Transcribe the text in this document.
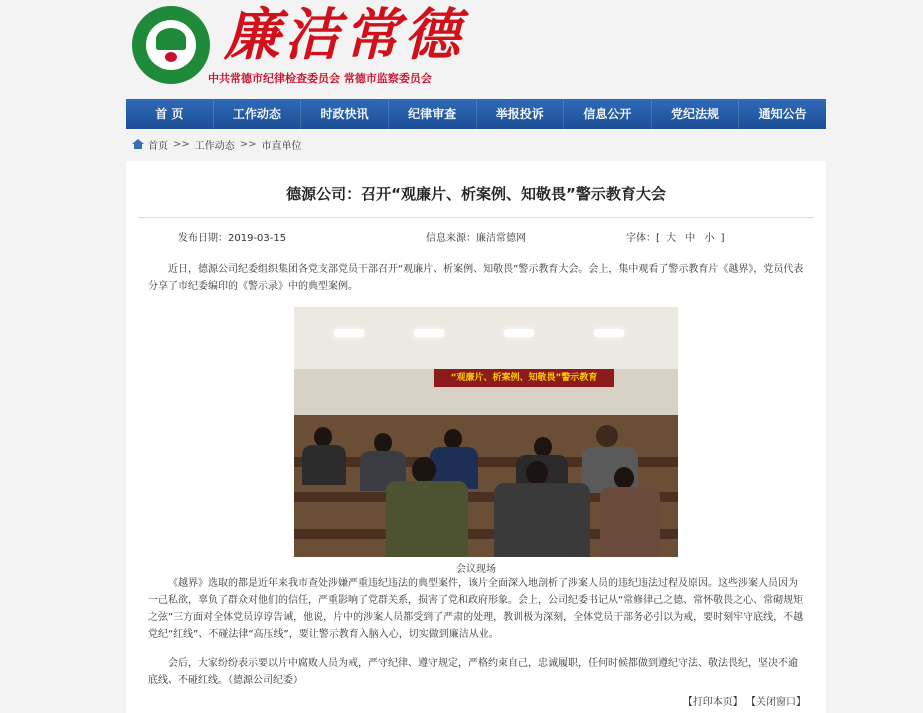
廉洁常德
中共常德市纪律检查委员会 常德市监察委员会
首 页	工作动态	时政快讯	纪律审查	举报投诉	信息公开	党纪法规	通知公告
首页 >> 工作动态 >> 市直单位
德源公司：召开“观廉片、析案例、知敬畏”警示教育大会
发布日期：2019-03-15	信息来源：廉洁常德网	字体：[ 大 中 小 ]

近日，德源公司纪委组织集团各党支部党员干部召开“观廉片、析案例、知敬畏”警示教育大会。会上，集中观看了警示教育片《越界》，党员代表分享了市纪委编印的《警示录》中的典型案例。

“观廉片、析案例、知敬畏”警示教育
会议现场

《越界》选取的都是近年来我市查处涉嫌严重违纪违法的典型案件，该片全面深入地剖析了涉案人员的违纪违法过程及原因。这些涉案人员因为一己私欲，辜负了群众对他们的信任，严重影响了党群关系，损害了党和政府形象。会上，公司纪委书记从“常修律己之德、常怀敬畏之心、常砌规矩之弦”三方面对全体党员谆谆告诫，他说，片中的涉案人员都受到了严肃的处理，教训极为深刻，全体党员干部务必引以为戒，要时刻牢守底线，不越党纪“红线”、不碰法律“高压线”，要让警示教育入脑入心，切实做到廉洁从业。

会后，大家纷纷表示要以片中腐败人员为戒，严守纪律、遵守规定，严格约束自己，忠诚履职，任何时候都做到遵纪守法、敬法畏纪，坚决不逾底线、不碰红线。（德源公司纪委）

【打印本页】 【关闭窗口】
